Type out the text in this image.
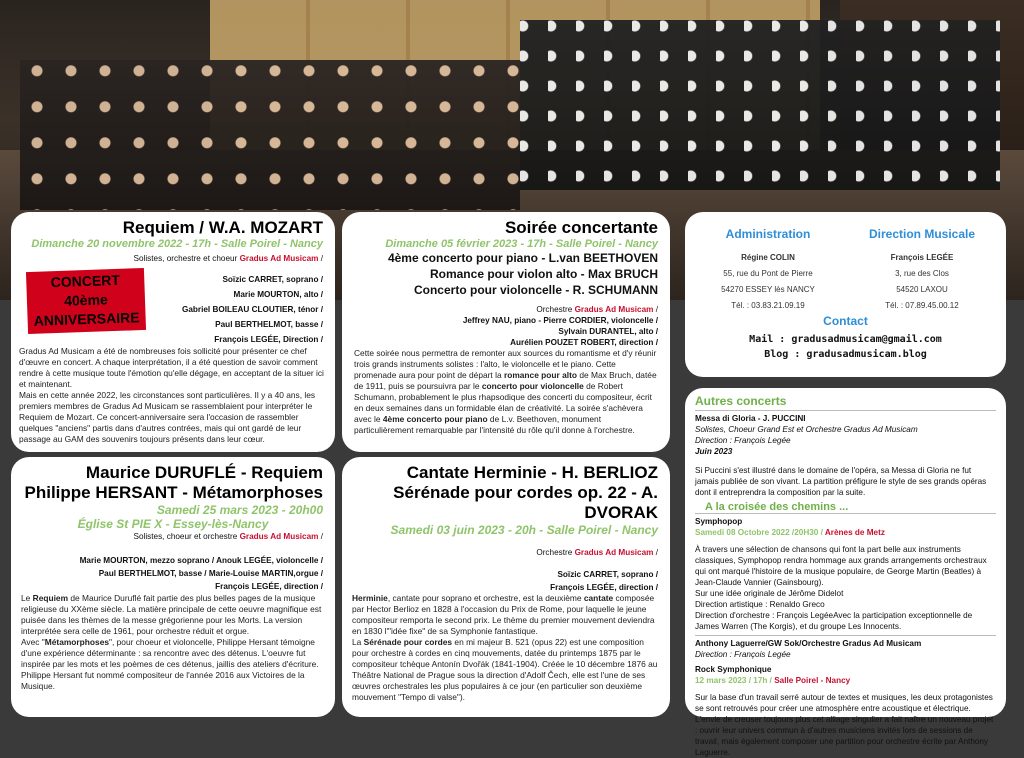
Requiem / W.A. MOZART
Dimanche 20 novembre 2022 - 17h - Salle Poirel - Nancy
Solistes, orchestre et choeur Gradus Ad Musicam /
Soïzic CARRET, soprano /
Marie MOURTON, alto /
Gabriel BOILEAU CLOUTIER, ténor /
Paul BERTHELMOT, basse /
François LEGÉE, Direction /
CONCERT
40ème
ANNIVERSAIRE

Gradus Ad Musicam a été de nombreuses fois sollicité pour présenter ce chef d'œuvre en concert. A chaque interprétation, il a été question de savoir comment rendre à cette musique toute l'émotion qu'elle dégage, en acceptant de la situer ici et maintenant.

Mais en cette année 2022, les circonstances sont particulières. Il y a 40 ans, les premiers membres de Gradus Ad Musicam se rassemblaient pour interpréter le Requiem de Mozart. Ce concert-anniversaire sera l'occasion de rassembler quelques "anciens" partis dans d'autres contrées, mais qui ont gardé de leur passage au GAM des souvenirs toujours présents dans leur cœur.

Soirée concertante
Dimanche 05 février 2023 - 17h - Salle Poirel - Nancy
4ème concerto pour piano - L.van BEETHOVEN
Romance pour violon alto - Max BRUCH
Concerto pour violoncelle - R. SCHUMANN
Orchestre Gradus Ad Musicam /
Jeffrey NAU, piano - Pierre CORDIER, violoncelle /
Sylvain DURANTEL, alto /
Aurélien POUZET ROBERT, direction /
Cette soirée nous permettra de remonter aux sources du romantisme et d'y réunir trois grands instruments solistes : l'alto, le violoncelle et le piano. Cette promenade aura pour point de départ la romance pour alto de Max Bruch, datée de 1911, puis se poursuivra par le concerto pour violoncelle de Robert Schumann, probablement le plus rhapsodique des concerti du compositeur, écrit en deux semaines dans un formidable élan de créativité. La soirée s'achèvera avec le 4ème concerto pour piano de L.v. Beethoven, monument particulièrement remarquable par l'intensité du rôle qu'il donne à l'orchestre.
Administration
Régine COLIN
55, rue du Pont de Pierre
54270 ESSEY lès NANCY
Tél. : 03.83.21.09.19
Direction Musicale
François LEGÉE
3, rue des Clos
54520 LAXOU
Tél. : 07.89.45.00.12
Contact
Mail : gradusadmusicam@gmail.com
Blog : gradusadmusicam.blog
Maurice DURUFLÉ - Requiem
Philippe HERSANT - Métamorphoses
Samedi 25 mars 2023 - 20h00
Église St PIE X - Essey-lès-Nancy
Solistes, choeur et orchestre Gradus Ad Musicam /
Marie MOURTON, mezzo soprano / Anouk LEGÉE, violoncelle /
Paul BERTHELMOT, basse / Marie-Louise MARTIN,orgue /
François LEGÉE, direction /

Le Requiem de Maurice Duruflé fait partie des plus belles pages de la musique religieuse du XXème siècle. La matière principale de cette oeuvre magnifique est puisée dans les thèmes de la messe grégorienne pour les Morts. La version interprétée sera celle de 1961, pour orchestre réduit et orgue.

Avec "Métamorphoses", pour choeur et violoncelle, Philippe Hersant témoigne d'une expérience déterminante : sa rencontre avec des détenus. L'oeuvre fut inspirée par les mots et les poèmes de ces détenus, jaillis des ateliers d'écriture. Philippe Hersant fut nommé compositeur de l'année 2016 aux Victoires de la Musique.

Cantate Herminie - H. BERLIOZ
Sérénade pour cordes op. 22 - A. DVORAK
Samedi 03 juin 2023 - 20h - Salle Poirel - Nancy
Orchestre Gradus Ad Musicam /
Soïzic CARRET, soprano /
François LEGÉE, direction /

Herminie, cantate pour soprano et orchestre, est la deuxième cantate composée par Hector Berlioz en 1828 à l'occasion du Prix de Rome, pour laquelle le jeune compositeur remporta le second prix. Le thème du premier mouvement deviendra en 1830 l'"idée fixe" de sa Symphonie fantastique.

La Sérénade pour cordes en mi majeur B. 521 (opus 22) est une composition pour orchestre à cordes en cinq mouvements, datée du printemps 1875 par le compositeur tchèque Antonín Dvořák (1841-1904). Créée le 10 décembre 1876 au Théâtre National de Prague sous la direction d'Adolf Čech, elle est l'une de ses œuvres orchestrales les plus populaires à ce jour (en particulier son deuxième mouvement "Tempo di valse").

Autres concerts
Messa di Gloria - J. PUCCINI
Solistes, Choeur Grand Est et Orchestre Gradus Ad Musicam
Direction : François Legée
Juin 2023
Si Puccini s'est illustré dans le domaine de l'opéra, sa Messa di Gloria ne fut jamais publiée de son vivant. La partition préfigure le style de ses grands opéras dont il entreprendra la composition par la suite.
A la croisée des chemins ...
Symphopop
Samedi 08 Octobre 2022 /20H30 / Arènes de Metz
À travers une sélection de chansons qui font la part belle aux instruments classiques, Symphopop rendra hommage aux grands arrangements orchestraux qui ont marqué l'histoire de la musique populaire, de George Martin (Beatles) à Jean-Claude Vannier (Gainsbourg).
Sur une idée originale de Jérôme Didelot
Direction artistique : Renaldo Greco
Direction d'orchestre : François LegéeAvec la participation exceptionnelle de James Warren (The Korgis), et du groupe Les Innocents.
Anthony Laguerre/GW Sok/Orchestre Gradus Ad Musicam
Direction : François Legée
Rock Symphonique
12 mars 2023 / 17h / Salle Poirel - Nancy
Sur la base d'un travail serré autour de textes et musiques, les deux protagonistes se sont retrouvés pour créer une atmosphère entre acoustique et électrique. L'envie de creuser toujours plus cet alliage singulier a fait naître un nouveau projet : ouvrir leur univers commun à d'autres musiciens invités lors de sessions de travail, mais également composer une partition pour orchestre écrite par Anthony Laguerre.
